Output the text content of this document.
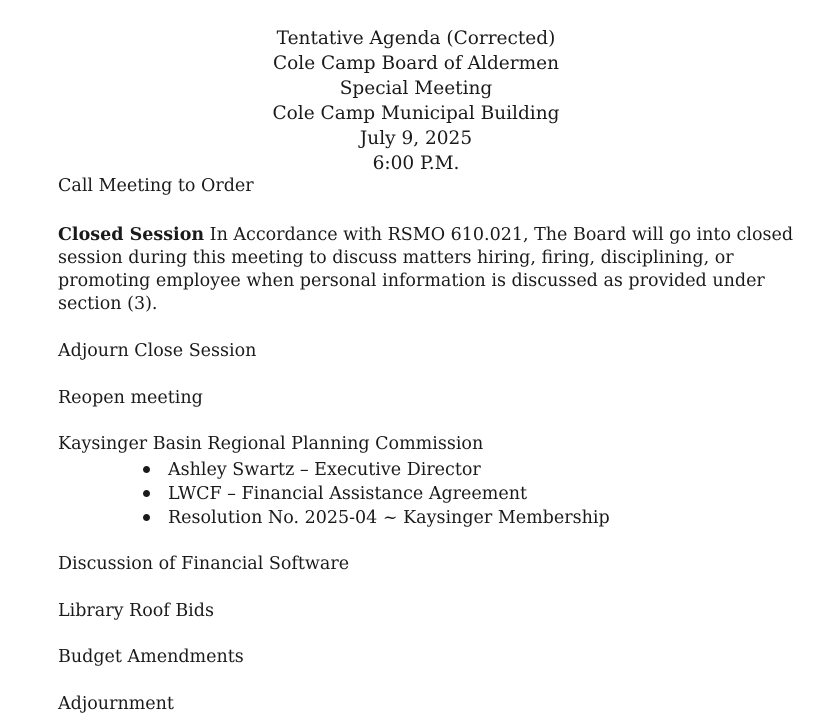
Tentative Agenda (Corrected)
Cole Camp Board of Aldermen
Special Meeting
Cole Camp Municipal Building
July 9, 2025
6:00 P.M.
Call Meeting to Order
Closed Session In Accordance with RSMO 610.021, The Board will go into closed
session during this meeting to discuss matters hiring, firing, disciplining, or
promoting employee when personal information is discussed as provided under
section (3).
Adjourn Close Session
Reopen meeting
Kaysinger Basin Regional Planning Commission
Ashley Swartz – Executive Director
LWCF – Financial Assistance Agreement
Resolution No. 2025-04 ~ Kaysinger Membership
Discussion of Financial Software
Library Roof Bids
Budget Amendments
Adjournment
